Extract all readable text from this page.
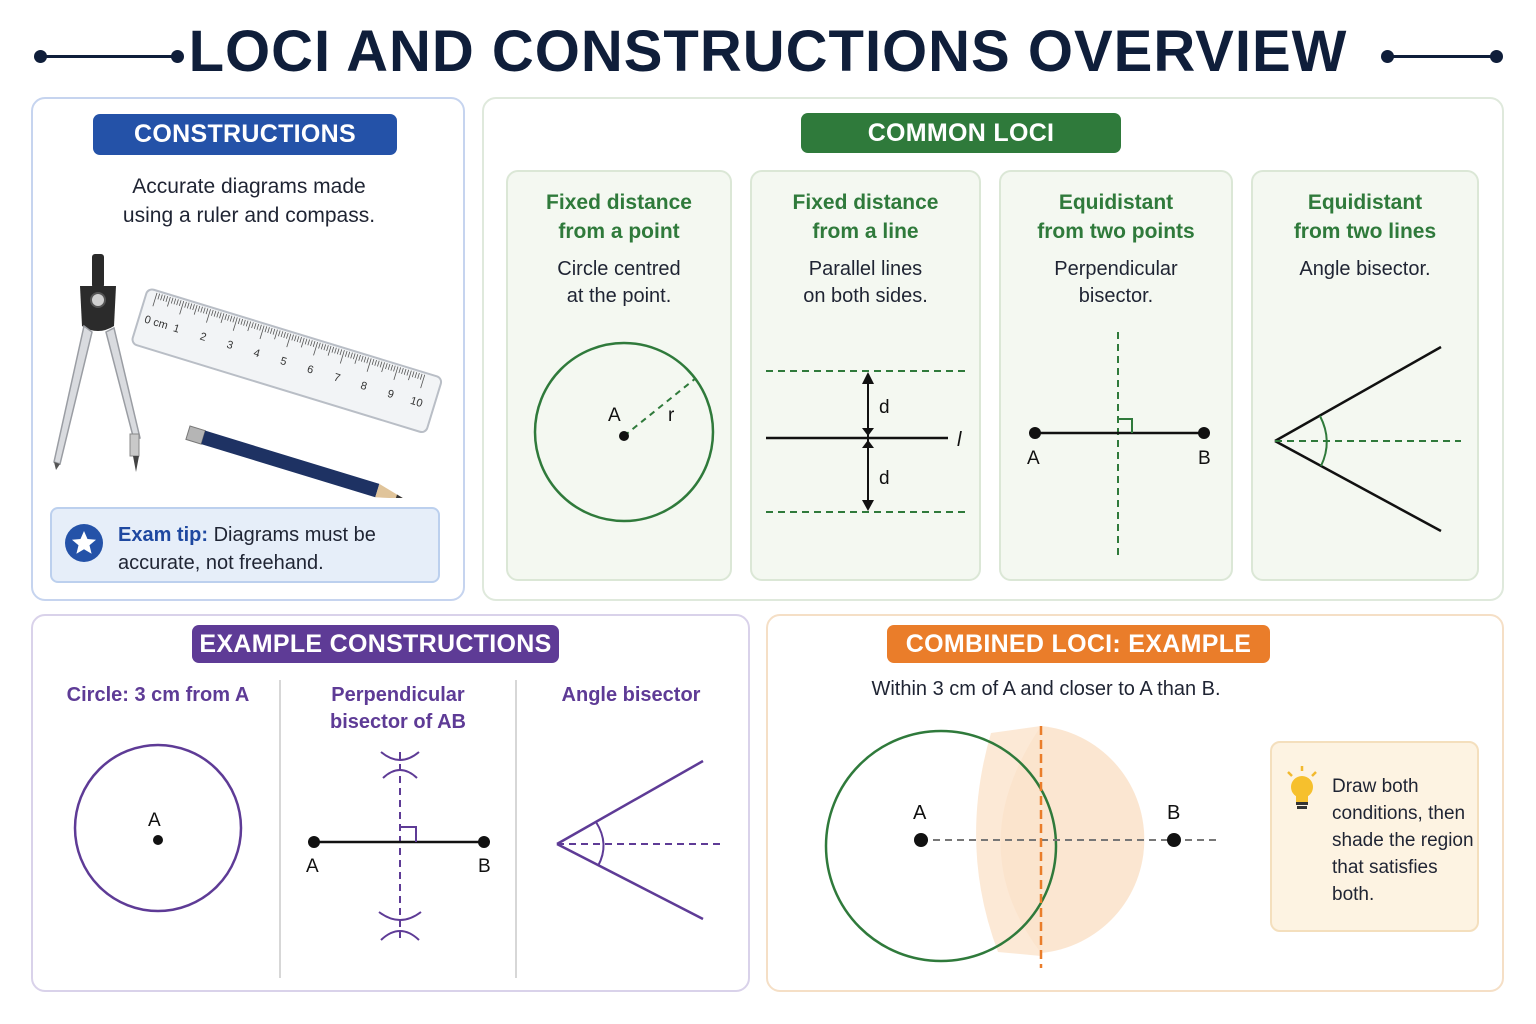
LOCI AND CONSTRUCTIONS OVERVIEW
CONSTRUCTIONS
Accurate diagrams made
using a ruler and compass.
0 cm 1
2
3
4
5
6
7
8
9
10
Exam tip: Diagrams must be accurate, not freehand.
COMMON LOCI
Fixed distance
from a point
Circle centred
at the point.
A r
Fixed distance
from a line
Parallel lines
on both sides.
d
d
l
Equidistant
from two points
Perpendicular
bisector.
A	B
Equidistant
from two lines
Angle bisector.
EXAMPLE CONSTRUCTIONS
Circle: 3 cm from A	Perpendicular
bisector of AB
Angle bisector
A
A	B
COMBINED LOCI: EXAMPLE
Within 3 cm of A and closer to A than B.
A	B
Draw both conditions, then shade the region that satisfies both.
